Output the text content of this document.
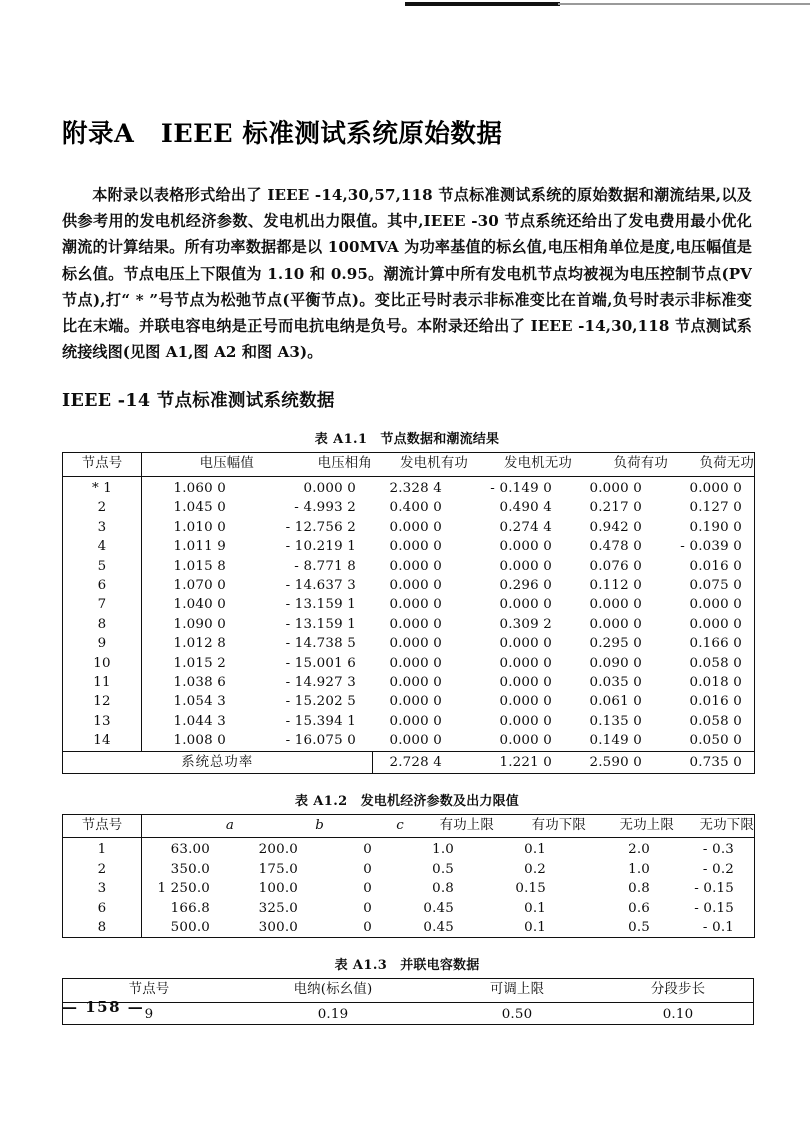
附录A IEEE 标准测试系统原始数据

本附录以表格形式给出了 IEEE -14,30,57,118 节点标准测试系统的原始数据和潮流结果,以及供参考用的发电机经济参数、发电机出力限值。其中,IEEE -30 节点系统还给出了发电费用最小优化潮流的计算结果。所有功率数据都是以 100MVA 为功率基值的标幺值,电压相角单位是度,电压幅值是标幺值。节点电压上下限值为 1.10 和 0.95。潮流计算中所有发电机节点均被视为电压控制节点(PV 节点),打“ * ”号节点为松弛节点(平衡节点)。变比正号时表示非标准变比在首端,负号时表示非标准变比在末端。并联电容电纳是正号而电抗电纳是负号。本附录还给出了 IEEE -14,30,118 节点测试系统接线图(见图 A1,图 A2 和图 A3)。

IEEE -14 节点标准测试系统数据
表 A1.1 节点数据和潮流结果
节点号	电压幅值	电压相角	发电机有功	发电机无功	负荷有功	负荷无功
* 1	1.060 0	0.000 0	2.328 4	- 0.149 0	0.000 0	0.000 0
2	1.045 0	- 4.993 2	0.400 0	0.490 4	0.217 0	0.127 0
3	1.010 0	- 12.756 2	0.000 0	0.274 4	0.942 0	0.190 0
4	1.011 9	- 10.219 1	0.000 0	0.000 0	0.478 0	- 0.039 0
5	1.015 8	- 8.771 8	0.000 0	0.000 0	0.076 0	0.016 0
6	1.070 0	- 14.637 3	0.000 0	0.296 0	0.112 0	0.075 0
7	1.040 0	- 13.159 1	0.000 0	0.000 0	0.000 0	0.000 0
8	1.090 0	- 13.159 1	0.000 0	0.309 2	0.000 0	0.000 0
9	1.012 8	- 14.738 5	0.000 0	0.000 0	0.295 0	0.166 0
10	1.015 2	- 15.001 6	0.000 0	0.000 0	0.090 0	0.058 0
11	1.038 6	- 14.927 3	0.000 0	0.000 0	0.035 0	0.018 0
12	1.054 3	- 15.202 5	0.000 0	0.000 0	0.061 0	0.016 0
13	1.044 3	- 15.394 1	0.000 0	0.000 0	0.135 0	0.058 0
14	1.008 0	- 16.075 0	0.000 0	0.000 0	0.149 0	0.050 0
系统总功率			2.728 4	1.221 0	2.590 0	0.735 0
表 A1.2 发电机经济参数及出力限值
节点号	a	b	c	有功上限	有功下限	无功上限	无功下限
1	63.00	200.0	0	1.0	0.1	2.0	- 0.3
2	350.0	175.0	0	0.5	0.2	1.0	- 0.2
3	1 250.0	100.0	0	0.8	0.15	0.8	- 0.15
6	166.8	325.0	0	0.45	0.1	0.6	- 0.15
8	500.0	300.0	0	0.45	0.1	0.5	- 0.1
表 A1.3 并联电容数据
节点号	电纳(标幺值)	可调上限	分段步长
9	0.19	0.50	0.10
— 158 —
